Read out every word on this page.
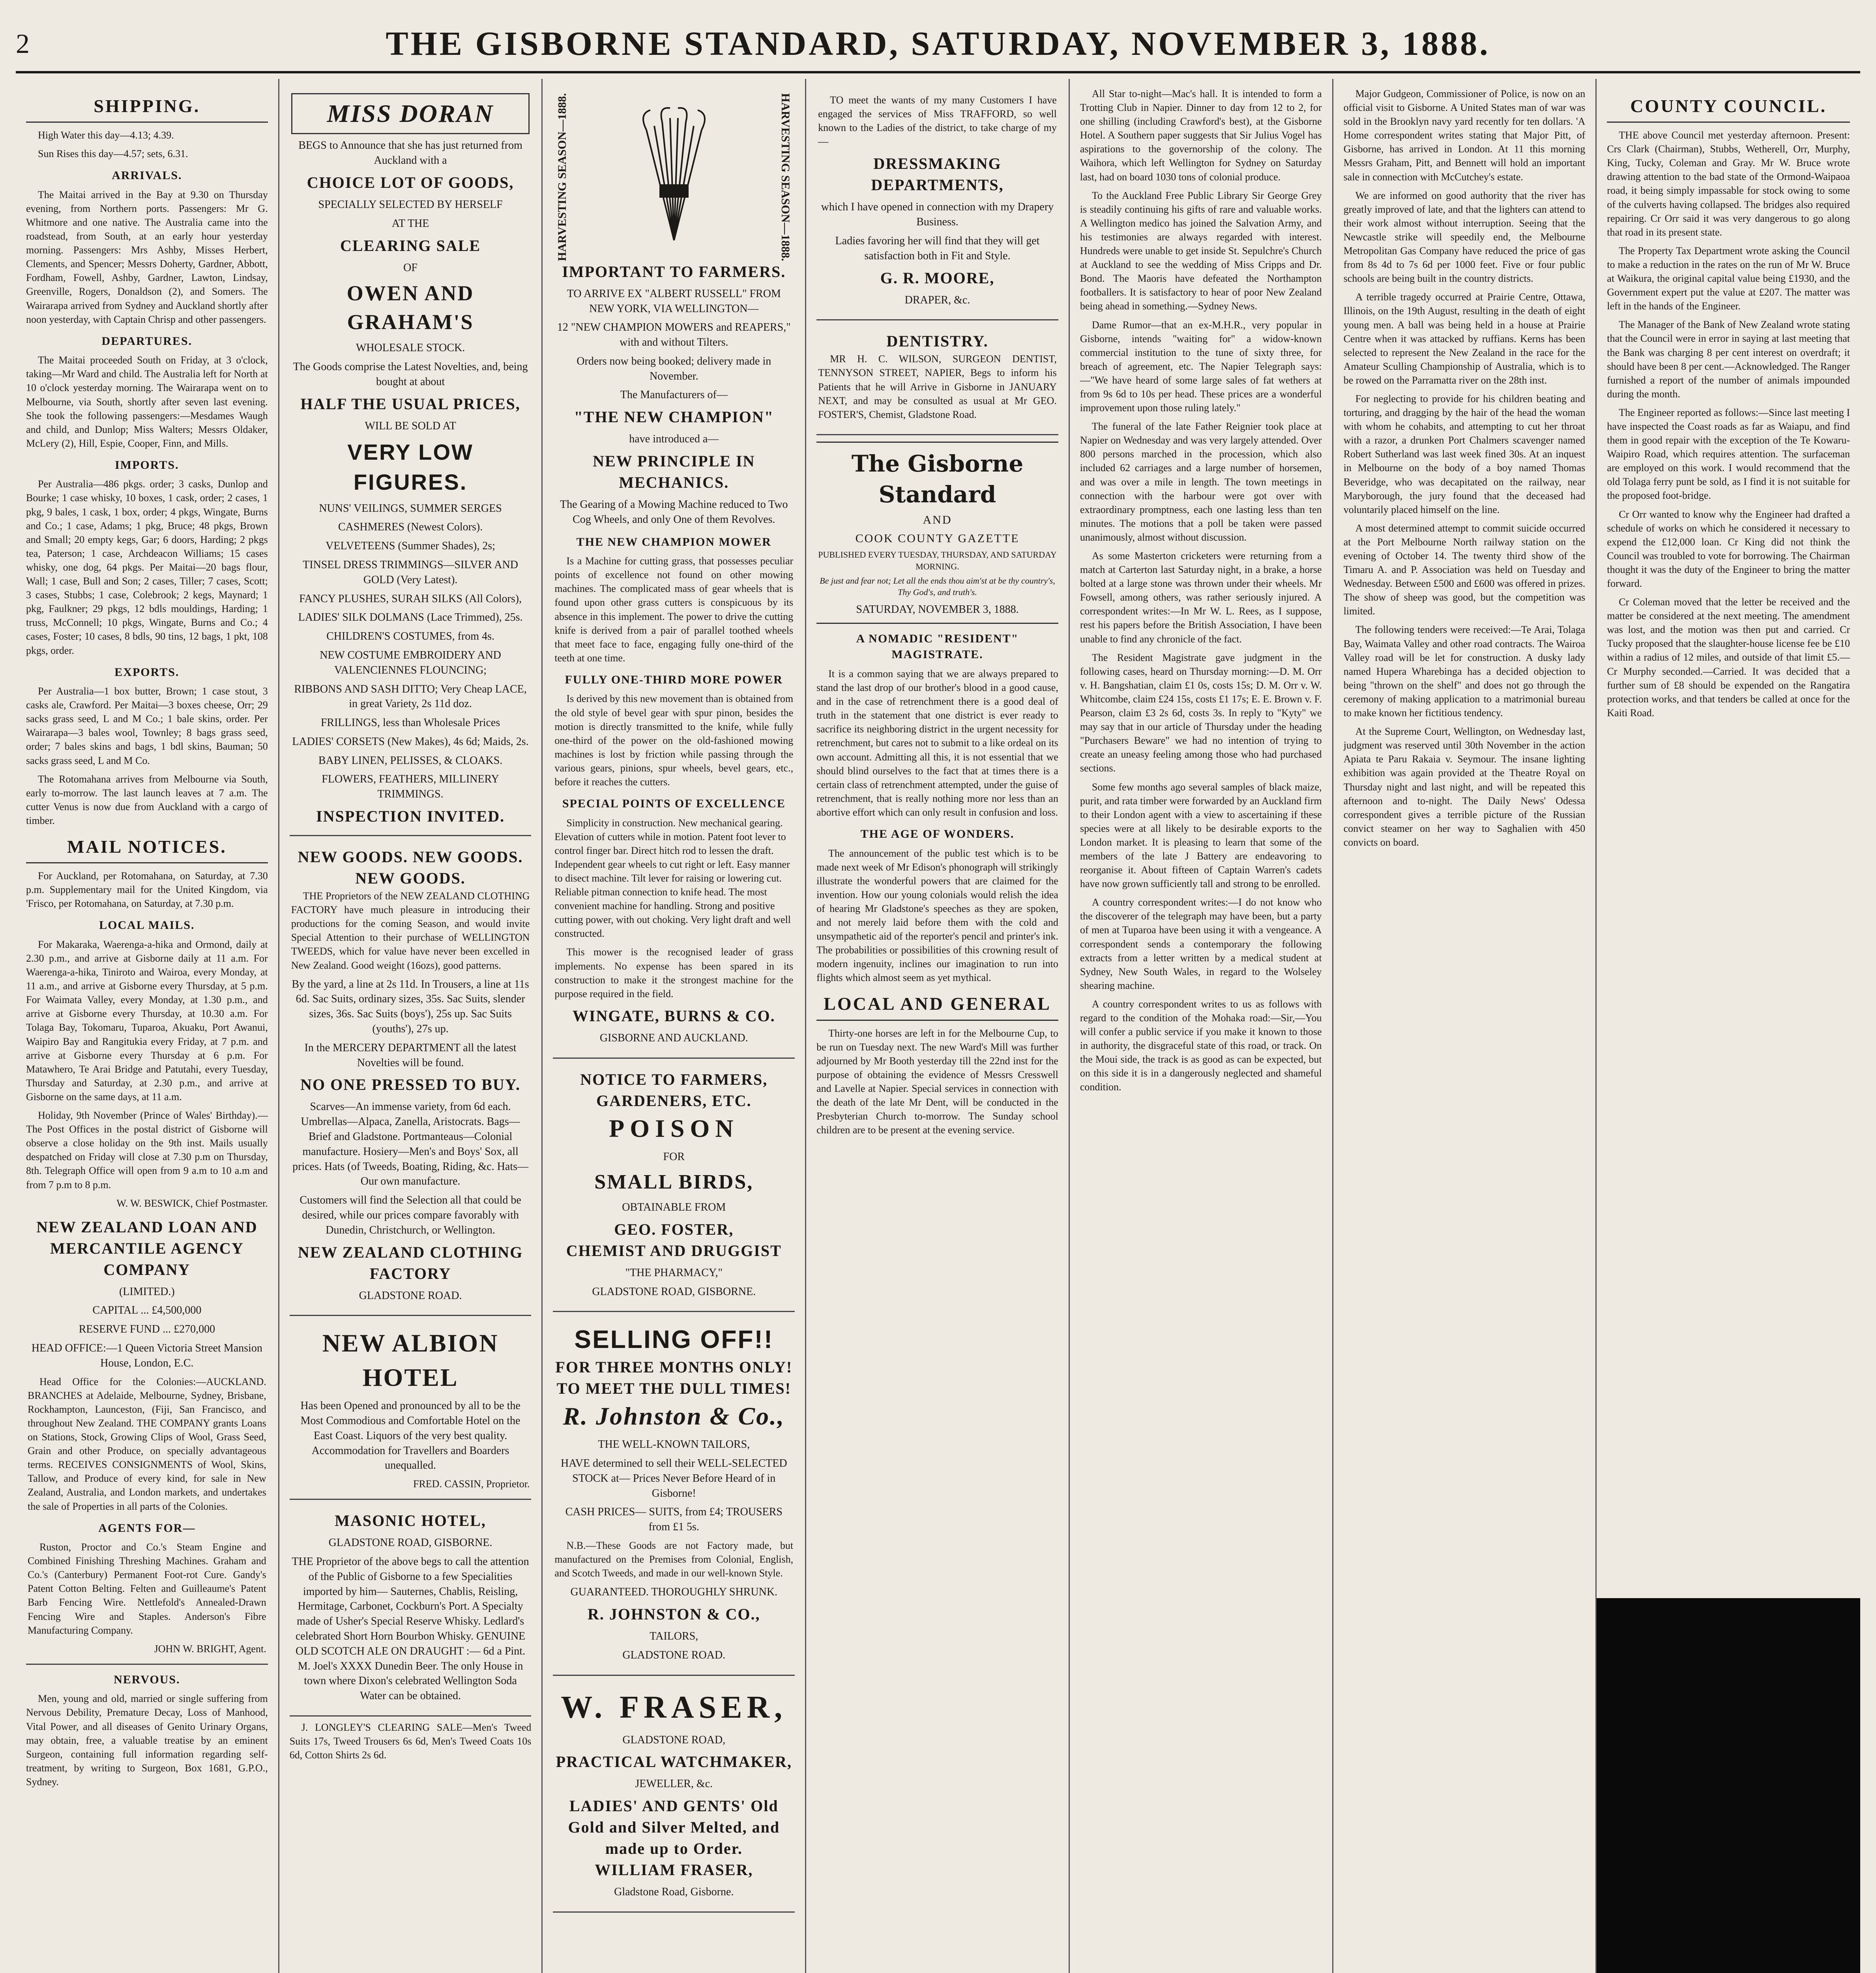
2	THE GISBORNE STANDARD, SATURDAY, NOVEMBER 3, 1888.
SHIPPING.

High Water this day—4.13; 4.39.

Sun Rises this day—4.57; sets, 6.31.

ARRIVALS.

The Maitai arrived in the Bay at 9.30 on Thursday evening, from Northern ports. Passengers: Mr G. Whitmore and one native. The Australia came into the roadstead, from South, at an early hour yesterday morning. Passengers: Mrs Ashby, Misses Herbert, Clements, and Spencer; Messrs Doherty, Gardner, Abbott, Fordham, Fowell, Ashby, Gardner, Lawton, Lindsay, Greenville, Rogers, Donaldson (2), and Somers. The Wairarapa arrived from Sydney and Auckland shortly after noon yesterday, with Captain Chrisp and other passengers.

DEPARTURES.

The Maitai proceeded South on Friday, at 3 o'clock, taking—Mr Ward and child. The Australia left for North at 10 o'clock yesterday morning. The Wairarapa went on to Melbourne, via South, shortly after seven last evening. She took the following passengers:—Mesdames Waugh and child, and Dunlop; Miss Walters; Messrs Oldaker, McLery (2), Hill, Espie, Cooper, Finn, and Mills.

IMPORTS.

Per Australia—486 pkgs. order; 3 casks, Dunlop and Bourke; 1 case whisky, 10 boxes, 1 cask, order; 2 cases, 1 pkg, 9 bales, 1 cask, 1 box, order; 4 pkgs, Wingate, Burns and Co.; 1 case, Adams; 1 pkg, Bruce; 48 pkgs, Brown and Small; 20 empty kegs, Gar; 6 doors, Harding; 2 pkgs tea, Paterson; 1 case, Archdeacon Williams; 15 cases whisky, one dog, 64 pkgs. Per Maitai—20 bags flour, Wall; 1 case, Bull and Son; 2 cases, Tiller; 7 cases, Scott; 3 cases, Stubbs; 1 case, Colebrook; 2 kegs, Maynard; 1 pkg, Faulkner; 29 pkgs, 12 bdls mouldings, Harding; 1 truss, McConnell; 10 pkgs, Wingate, Burns and Co.; 4 cases, Foster; 10 cases, 8 bdls, 90 tins, 12 bags, 1 pkt, 108 pkgs, order.

EXPORTS.

Per Australia—1 box butter, Brown; 1 case stout, 3 casks ale, Crawford. Per Maitai—3 boxes cheese, Orr; 29 sacks grass seed, L and M Co.; 1 bale skins, order. Per Wairarapa—3 bales wool, Townley; 8 bags grass seed, order; 7 bales skins and bags, 1 bdl skins, Bauman; 50 sacks grass seed, L and M Co.

The Rotomahana arrives from Melbourne via South, early to-morrow. The last launch leaves at 7 a.m. The cutter Venus is now due from Auckland with a cargo of timber.

MAIL NOTICES.

For Auckland, per Rotomahana, on Saturday, at 7.30 p.m. Supplementary mail for the United Kingdom, via 'Frisco, per Rotomahana, on Saturday, at 7.30 p.m.

LOCAL MAILS.

For Makaraka, Waerenga-a-hika and Ormond, daily at 2.30 p.m., and arrive at Gisborne daily at 11 a.m. For Waerenga-a-hika, Tiniroto and Wairoa, every Monday, at 11 a.m., and arrive at Gisborne every Thursday, at 5 p.m. For Waimata Valley, every Monday, at 1.30 p.m., and arrive at Gisborne every Thursday, at 10.30 a.m. For Tolaga Bay, Tokomaru, Tuparoa, Akuaku, Port Awanui, Waipiro Bay and Rangitukia every Friday, at 7 p.m. and arrive at Gisborne every Thursday at 6 p.m. For Matawhero, Te Arai Bridge and Patutahi, every Tuesday, Thursday and Saturday, at 2.30 p.m., and arrive at Gisborne on the same days, at 11 a.m.

Holiday, 9th November (Prince of Wales' Birthday).—The Post Offices in the postal district of Gisborne will observe a close holiday on the 9th inst. Mails usually despatched on Friday will close at 7.30 p.m on Thursday, 8th. Telegraph Office will open from 9 a.m to 10 a.m and from 7 p.m to 8 p.m.

W. W. BESWICK, Chief Postmaster.
NEW ZEALAND LOAN AND MERCANTILE AGENCY COMPANY
(LIMITED.)
CAPITAL ... £4,500,000
RESERVE FUND ... £270,000
HEAD OFFICE:—1 Queen Victoria Street Mansion House, London, E.C.

Head Office for the Colonies:—AUCKLAND. BRANCHES at Adelaide, Melbourne, Sydney, Brisbane, Rockhampton, Launceston, (Fiji, San Francisco, and throughout New Zealand. THE COMPANY grants Loans on Stations, Stock, Growing Clips of Wool, Grass Seed, Grain and other Produce, on specially advantageous terms. RECEIVES CONSIGNMENTS of Wool, Skins, Tallow, and Produce of every kind, for sale in New Zealand, Australia, and London markets, and undertakes the sale of Properties in all parts of the Colonies.

AGENTS FOR—

Ruston, Proctor and Co.'s Steam Engine and Combined Finishing Threshing Machines. Graham and Co.'s (Canterbury) Permanent Foot-rot Cure. Gandy's Patent Cotton Belting. Felten and Guilleaume's Patent Barb Fencing Wire. Nettlefold's Annealed-Drawn Fencing Wire and Staples. Anderson's Fibre Manufacturing Company.

JOHN W. BRIGHT, Agent.
NERVOUS.

Men, young and old, married or single suffering from Nervous Debility, Premature Decay, Loss of Manhood, Vital Power, and all diseases of Genito Urinary Organs, may obtain, free, a valuable treatise by an eminent Surgeon, containing full information regarding self-treatment, by writing to Surgeon, Box 1681, G.P.O., Sydney.

MISS DORAN
BEGS to Announce that she has just returned from Auckland with a
CHOICE LOT OF GOODS,
SPECIALLY SELECTED BY HERSELF
AT THE
CLEARING SALE
OF
OWEN AND GRAHAM'S
WHOLESALE STOCK.
The Goods comprise the Latest Novelties, and, being bought at about
HALF THE USUAL PRICES,
WILL BE SOLD AT
VERY LOW FIGURES.
NUNS' VEILINGS, SUMMER SERGES
CASHMERES (Newest Colors).
VELVETEENS (Summer Shades), 2s;
TINSEL DRESS TRIMMINGS—SILVER AND GOLD (Very Latest).
FANCY PLUSHES, SURAH SILKS (All Colors),
LADIES' SILK DOLMANS (Lace Trimmed), 25s.
CHILDREN'S COSTUMES, from 4s.
NEW COSTUME EMBROIDERY AND VALENCIENNES FLOUNCING;
RIBBONS AND SASH DITTO; Very Cheap LACE, in great Variety, 2s 11d doz.
FRILLINGS, less than Wholesale Prices
LADIES' CORSETS (New Makes), 4s 6d; Maids, 2s.
BABY LINEN, PELISSES, & CLOAKS.
FLOWERS, FEATHERS, MILLINERY TRIMMINGS.
INSPECTION INVITED.
NEW GOODS. NEW GOODS. NEW GOODS.

THE Proprietors of the NEW ZEALAND CLOTHING FACTORY have much pleasure in introducing their productions for the coming Season, and would invite Special Attention to their purchase of WELLINGTON TWEEDS, which for value have never been excelled in New Zealand. Good weight (16ozs), good patterns.

By the yard, a line at 2s 11d. In Trousers, a line at 11s 6d. Sac Suits, ordinary sizes, 35s. Sac Suits, slender sizes, 36s. Sac Suits (boys'), 25s up. Sac Suits (youths'), 27s up.
In the MERCERY DEPARTMENT all the latest Novelties will be found.
NO ONE PRESSED TO BUY.
Scarves—An immense variety, from 6d each. Umbrellas—Alpaca, Zanella, Aristocrats. Bags—Brief and Gladstone. Portmanteaus—Colonial manufacture. Hosiery—Men's and Boys' Sox, all prices. Hats (of Tweeds, Boating, Riding, &c. Hats—Our own manufacture.
Customers will find the Selection all that could be desired, while our prices compare favorably with Dunedin, Christchurch, or Wellington.
NEW ZEALAND CLOTHING FACTORY
GLADSTONE ROAD.
NEW ALBION HOTEL
Has been Opened and pronounced by all to be the Most Commodious and Comfortable Hotel on the East Coast. Liquors of the very best quality. Accommodation for Travellers and Boarders unequalled.
FRED. CASSIN, Proprietor.
MASONIC HOTEL,
GLADSTONE ROAD, GISBORNE.
THE Proprietor of the above begs to call the attention of the Public of Gisborne to a few Specialities imported by him— Sauternes, Chablis, Reisling, Hermitage, Carbonet, Cockburn's Port. A Specialty made of Usher's Special Reserve Whisky. Ledlard's celebrated Short Horn Bourbon Whisky. GENUINE OLD SCOTCH ALE ON DRAUGHT :— 6d a Pint. M. Joel's XXXX Dunedin Beer. The only House in town where Dixon's celebrated Wellington Soda Water can be obtained.

J. LONGLEY'S CLEARING SALE—Men's Tweed Suits 17s, Tweed Trousers 6s 6d, Men's Tweed Coats 10s 6d, Cotton Shirts 2s 6d.

HARVESTING SEASON—1888.	HARVESTING SEASON—1888.
IMPORTANT TO FARMERS.
TO ARRIVE EX "ALBERT RUSSELL" FROM NEW YORK, VIA WELLINGTON—
12 "NEW CHAMPION MOWERS and REAPERS," with and without Tilters.
Orders now being booked; delivery made in November.
The Manufacturers of—
"THE NEW CHAMPION"
have introduced a—
NEW PRINCIPLE IN MECHANICS.
The Gearing of a Mowing Machine reduced to Two Cog Wheels, and only One of them Revolves.
THE NEW CHAMPION MOWER

Is a Machine for cutting grass, that possesses peculiar points of excellence not found on other mowing machines. The complicated mass of gear wheels that is found upon other grass cutters is conspicuous by its absence in this implement. The power to drive the cutting knife is derived from a pair of parallel toothed wheels that meet face to face, engaging fully one-third of the teeth at one time.

FULLY ONE-THIRD MORE POWER

Is derived by this new movement than is obtained from the old style of bevel gear with spur pinon, besides the motion is directly transmitted to the knife, while fully one-third of the power on the old-fashioned mowing machines is lost by friction while passing through the various gears, pinions, spur wheels, bevel gears, etc., before it reaches the cutters.

SPECIAL POINTS OF EXCELLENCE

Simplicity in construction. New mechanical gearing. Elevation of cutters while in motion. Patent foot lever to control finger bar. Direct hitch rod to lessen the draft. Independent gear wheels to cut right or left. Easy manner to disect machine. Tilt lever for raising or lowering cut. Reliable pitman connection to knife head. The most convenient machine for handling. Strong and positive cutting power, with out choking. Very light draft and well constructed.

This mower is the recognised leader of grass implements. No expense has been spared in its construction to make it the strongest machine for the purpose required in the field.

WINGATE, BURNS & CO.
GISBORNE AND AUCKLAND.
NOTICE TO FARMERS, GARDENERS, ETC.
POISON
FOR
SMALL BIRDS,
OBTAINABLE FROM
GEO. FOSTER,
CHEMIST AND DRUGGIST
"THE PHARMACY,"
GLADSTONE ROAD, GISBORNE.
SELLING OFF!!
FOR THREE MONTHS ONLY!
TO MEET THE DULL TIMES!
R. Johnston & Co.,
THE WELL-KNOWN TAILORS,
HAVE determined to sell their WELL-SELECTED STOCK at— Prices Never Before Heard of in Gisborne!
CASH PRICES— SUITS, from £4; TROUSERS from £1 5s.

N.B.—These Goods are not Factory made, but manufactured on the Premises from Colonial, English, and Scotch Tweeds, and made in our well-known Style.

GUARANTEED. THOROUGHLY SHRUNK.
R. JOHNSTON & CO.,
TAILORS,
GLADSTONE ROAD.
W. FRASER,
GLADSTONE ROAD,
PRACTICAL WATCHMAKER,
JEWELLER, &c.
LADIES' AND GENTS' Old Gold and Silver Melted, and made up to Order.
WILLIAM FRASER,
Gladstone Road, Gisborne.

TO meet the wants of my many Customers I have engaged the services of Miss TRAFFORD, so well known to the Ladies of the district, to take charge of my—

DRESSMAKING DEPARTMENTS,
which I have opened in connection with my Drapery Business.
Ladies favoring her will find that they will get satisfaction both in Fit and Style.
G. R. MOORE,
DRAPER, &c.
DENTISTRY.

MR H. C. WILSON, SURGEON DENTIST, TENNYSON STREET, NAPIER, Begs to inform his Patients that he will Arrive in Gisborne in JANUARY NEXT, and may be consulted as usual at Mr GEO. FOSTER'S, Chemist, Gladstone Road.

The Gisborne Standard
AND
COOK COUNTY GAZETTE
PUBLISHED EVERY TUESDAY, THURSDAY, AND SATURDAY MORNING.
Be just and fear not; Let all the ends thou aim'st at be thy country's, Thy God's, and truth's.
SATURDAY, NOVEMBER 3, 1888.
A NOMADIC "RESIDENT" MAGISTRATE.

It is a common saying that we are always prepared to stand the last drop of our brother's blood in a good cause, and in the case of retrenchment there is a good deal of truth in the statement that one district is ever ready to sacrifice its neighboring district in the urgent necessity for retrenchment, but cares not to submit to a like ordeal on its own account. Admitting all this, it is not essential that we should blind ourselves to the fact that at times there is a certain class of retrenchment attempted, under the guise of retrenchment, that is really nothing more nor less than an abortive effort which can only result in confusion and loss.

THE AGE OF WONDERS.

The announcement of the public test which is to be made next week of Mr Edison's phonograph will strikingly illustrate the wonderful powers that are claimed for the invention. How our young colonials would relish the idea of hearing Mr Gladstone's speeches as they are spoken, and not merely laid before them with the cold and unsympathetic aid of the reporter's pencil and printer's ink. The probabilities or possibilities of this crowning result of modern ingenuity, inclines our imagination to run into flights which almost seem as yet mythical.

LOCAL AND GENERAL

Thirty-one horses are left in for the Melbourne Cup, to be run on Tuesday next. The new Ward's Mill was further adjourned by Mr Booth yesterday till the 22nd inst for the purpose of obtaining the evidence of Messrs Cresswell and Lavelle at Napier. Special services in connection with the death of the late Mr Dent, will be conducted in the Presbyterian Church to-morrow. The Sunday school children are to be present at the evening service.

All Star to-night—Mac's hall. It is intended to form a Trotting Club in Napier. Dinner to day from 12 to 2, for one shilling (including Crawford's best), at the Gisborne Hotel. A Southern paper suggests that Sir Julius Vogel has aspirations to the governorship of the colony. The Waihora, which left Wellington for Sydney on Saturday last, had on board 1030 tons of colonial produce.

To the Auckland Free Public Library Sir George Grey is steadily continuing his gifts of rare and valuable works. A Wellington medico has joined the Salvation Army, and his testimonies are always regarded with interest. Hundreds were unable to get inside St. Sepulchre's Church at Auckland to see the wedding of Miss Cripps and Dr. Bond. The Maoris have defeated the Northampton footballers. It is satisfactory to hear of poor New Zealand being ahead in something.—Sydney News.

Dame Rumor—that an ex-M.H.R., very popular in Gisborne, intends "waiting for" a widow-known commercial institution to the tune of sixty three, for breach of agreement, etc. The Napier Telegraph says:—"We have heard of some large sales of fat wethers at from 9s 6d to 10s per head. These prices are a wonderful improvement upon those ruling lately."

The funeral of the late Father Reignier took place at Napier on Wednesday and was very largely attended. Over 800 persons marched in the procession, which also included 62 carriages and a large number of horsemen, and was over a mile in length. The town meetings in connection with the harbour were got over with extraordinary promptness, each one lasting less than ten minutes. The motions that a poll be taken were passed unanimously, almost without discussion.

As some Masterton cricketers were returning from a match at Carterton last Saturday night, in a brake, a horse bolted at a large stone was thrown under their wheels. Mr Fowsell, among others, was rather seriously injured. A correspondent writes:—In Mr W. L. Rees, as I suppose, rest his papers before the British Association, I have been unable to find any chronicle of the fact.

The Resident Magistrate gave judgment in the following cases, heard on Thursday morning:—D. M. Orr v. H. Bangshatian, claim £1 0s, costs 15s; D. M. Orr v. W. Whitcombe, claim £24 15s, costs £1 17s; E. E. Brown v. F. Pearson, claim £3 2s 6d, costs 3s. In reply to "Kyty" we may say that in our article of Thursday under the heading "Purchasers Beware" we had no intention of trying to create an uneasy feeling among those who had purchased sections.

Some few months ago several samples of black maize, purit, and rata timber were forwarded by an Auckland firm to their London agent with a view to ascertaining if these species were at all likely to be desirable exports to the London market. It is pleasing to learn that some of the members of the late J Battery are endeavoring to reorganise it. About fifteen of Captain Warren's cadets have now grown sufficiently tall and strong to be enrolled.

A country correspondent writes:—I do not know who the discoverer of the telegraph may have been, but a party of men at Tuparoa have been using it with a vengeance. A correspondent sends a contemporary the following extracts from a letter written by a medical student at Sydney, New South Wales, in regard to the Wolseley shearing machine.

A country correspondent writes to us as follows with regard to the condition of the Mohaka road:—Sir,—You will confer a public service if you make it known to those in authority, the disgraceful state of this road, or track. On the Moui side, the track is as good as can be expected, but on this side it is in a dangerously neglected and shameful condition.

Major Gudgeon, Commissioner of Police, is now on an official visit to Gisborne. A United States man of war was sold in the Brooklyn navy yard recently for ten dollars. 'A Home correspondent writes stating that Major Pitt, of Gisborne, has arrived in London. At 11 this morning Messrs Graham, Pitt, and Bennett will hold an important sale in connection with McCutchey's estate.

We are informed on good authority that the river has greatly improved of late, and that the lighters can attend to their work almost without interruption. Seeing that the Newcastle strike will speedily end, the Melbourne Metropolitan Gas Company have reduced the price of gas from 8s 4d to 7s 6d per 1000 feet. Five or four public schools are being built in the country districts.

A terrible tragedy occurred at Prairie Centre, Ottawa, Illinois, on the 19th August, resulting in the death of eight young men. A ball was being held in a house at Prairie Centre when it was attacked by ruffians. Kerns has been selected to represent the New Zealand in the race for the Amateur Sculling Championship of Australia, which is to be rowed on the Parramatta river on the 28th inst.

For neglecting to provide for his children beating and torturing, and dragging by the hair of the head the woman with whom he cohabits, and attempting to cut her throat with a razor, a drunken Port Chalmers scavenger named Robert Sutherland was last week fined 30s. At an inquest in Melbourne on the body of a boy named Thomas Beveridge, who was decapitated on the railway, near Maryborough, the jury found that the deceased had voluntarily placed himself on the line.

A most determined attempt to commit suicide occurred at the Port Melbourne North railway station on the evening of October 14. The twenty third show of the Timaru A. and P. Association was held on Tuesday and Wednesday. Between £500 and £600 was offered in prizes. The show of sheep was good, but the competition was limited.

The following tenders were received:—Te Arai, Tolaga Bay, Waimata Valley and other road contracts. The Wairoa Valley road will be let for construction. A dusky lady named Hupera Wharebinga has a decided objection to being "thrown on the shelf" and does not go through the ceremony of making application to a matrimonial bureau to make known her fictitious tendency.

At the Supreme Court, Wellington, on Wednesday last, judgment was reserved until 30th November in the action Apiata te Paru Rakaia v. Seymour. The insane lighting exhibition was again provided at the Theatre Royal on Thursday night and last night, and will be repeated this afternoon and to-night. The Daily News' Odessa correspondent gives a terrible picture of the Russian convict steamer on her way to Saghalien with 450 convicts on board.

COUNTY COUNCIL.

THE above Council met yesterday afternoon. Present: Crs Clark (Chairman), Stubbs, Wetherell, Orr, Murphy, King, Tucky, Coleman and Gray. Mr W. Bruce wrote drawing attention to the bad state of the Ormond-Waipaoa road, it being simply impassable for stock owing to some of the culverts having collapsed. The bridges also required repairing. Cr Orr said it was very dangerous to go along that road in its present state.

The Property Tax Department wrote asking the Council to make a reduction in the rates on the run of Mr W. Bruce at Waikura, the original capital value being £1930, and the Government expert put the value at £207. The matter was left in the hands of the Engineer.

The Manager of the Bank of New Zealand wrote stating that the Council were in error in saying at last meeting that the Bank was charging 8 per cent interest on overdraft; it should have been 8 per cent.—Acknowledged. The Ranger furnished a report of the number of animals impounded during the month.

The Engineer reported as follows:—Since last meeting I have inspected the Coast roads as far as Waiapu, and find them in good repair with the exception of the Te Kowaru-Waipiro Road, which requires attention. The surfaceman are employed on this work. I would recommend that the old Tolaga ferry punt be sold, as I find it is not suitable for the proposed foot-bridge.

Cr Orr wanted to know why the Engineer had drafted a schedule of works on which he considered it necessary to expend the £12,000 loan. Cr King did not think the Council was troubled to vote for borrowing. The Chairman thought it was the duty of the Engineer to bring the matter forward.

Cr Coleman moved that the letter be received and the matter be considered at the next meeting. The amendment was lost, and the motion was then put and carried. Cr Tucky proposed that the slaughter-house license fee be £10 within a radius of 12 miles, and outside of that limit £5.—Cr Murphy seconded.—Carried. It was decided that a further sum of £8 should be expended on the Rangatira protection works, and that tenders be called at once for the Kaiti Road.
